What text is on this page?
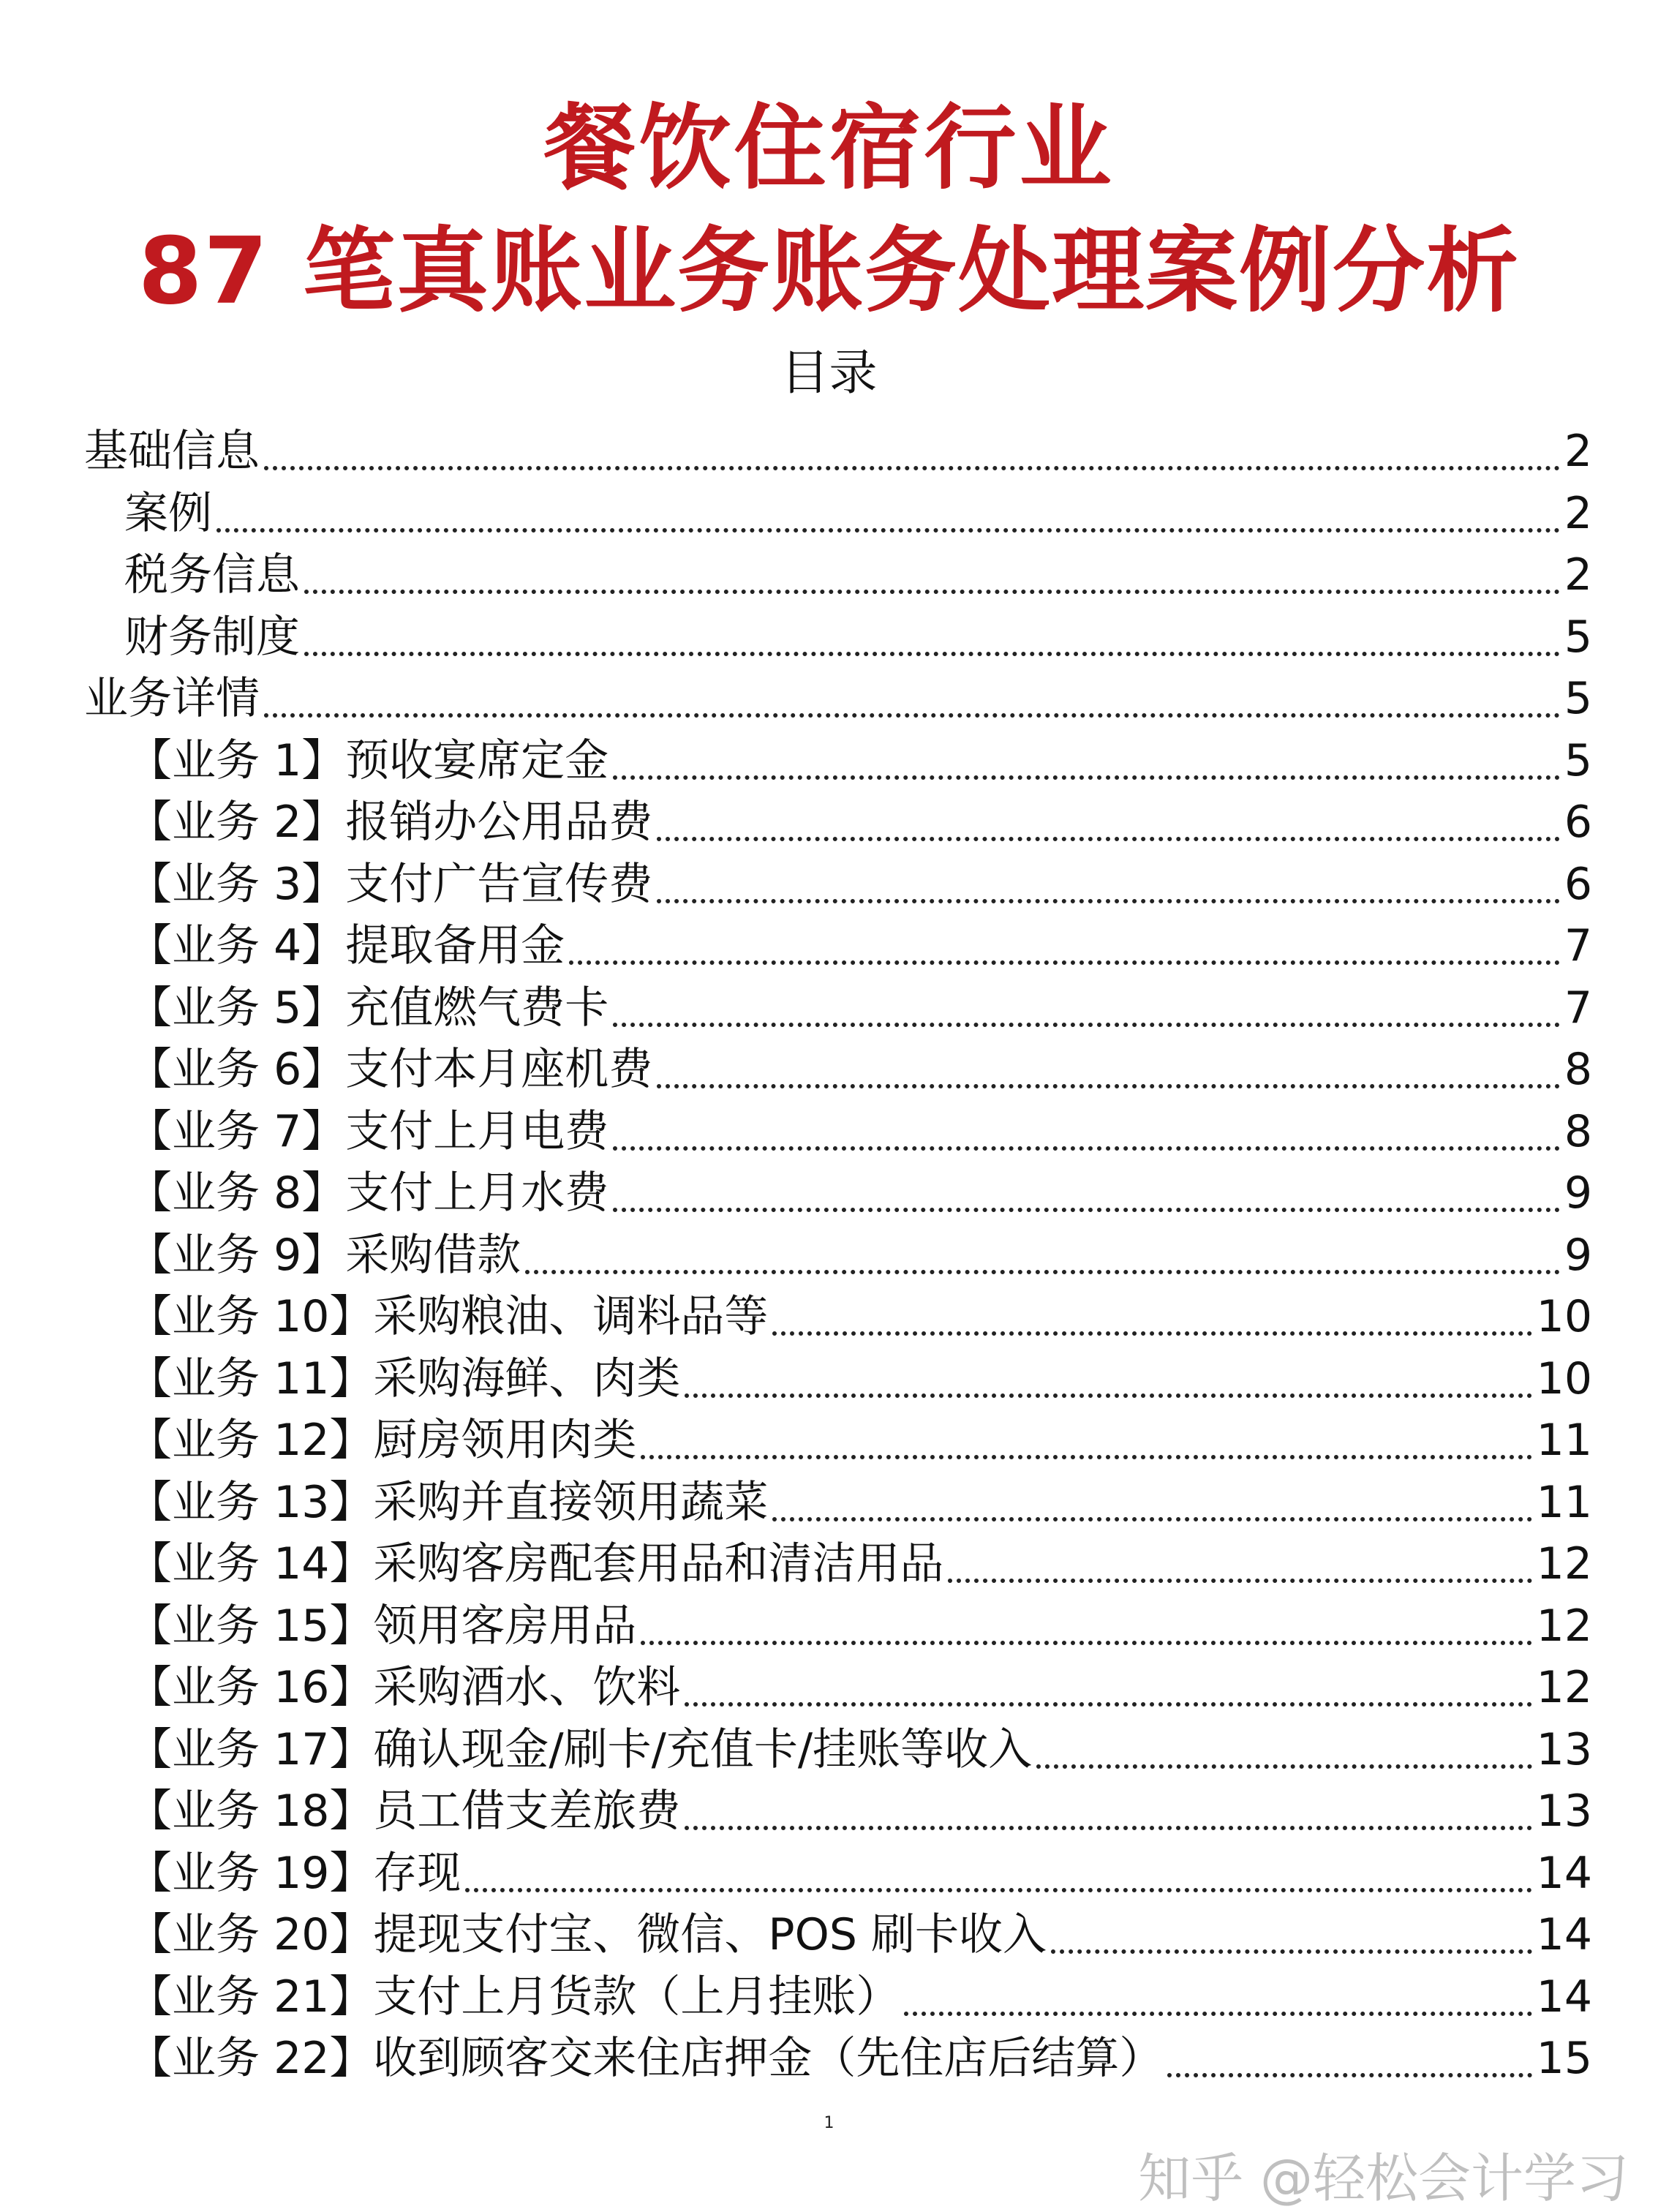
餐饮住宿行业
87 笔真账业务账务处理案例分析
目录
基础信息	2
案例	2
税务信息	2
财务制度	5
业务详情	5
【业务 1】预收宴席定金	5
【业务 2】报销办公用品费	6
【业务 3】支付广告宣传费	6
【业务 4】提取备用金	7
【业务 5】充值燃气费卡	7
【业务 6】支付本月座机费	8
【业务 7】支付上月电费	8
【业务 8】支付上月水费	9
【业务 9】采购借款	9
【业务 10】采购粮油、调料品等	10
【业务 11】采购海鲜、肉类	10
【业务 12】厨房领用肉类	11
【业务 13】采购并直接领用蔬菜	11
【业务 14】采购客房配套用品和清洁用品	12
【业务 15】领用客房用品	12
【业务 16】采购酒水、饮料	12
【业务 17】确认现金/刷卡/充值卡/挂账等收入	13
【业务 18】员工借支差旅费	13
【业务 19】存现	14
【业务 20】提现支付宝、微信、POS 刷卡收入	14
【业务 21】支付上月货款（上月挂账）	14
【业务 22】收到顾客交来住店押金（先住店后结算）	15
1
知乎 @轻松会计学习
